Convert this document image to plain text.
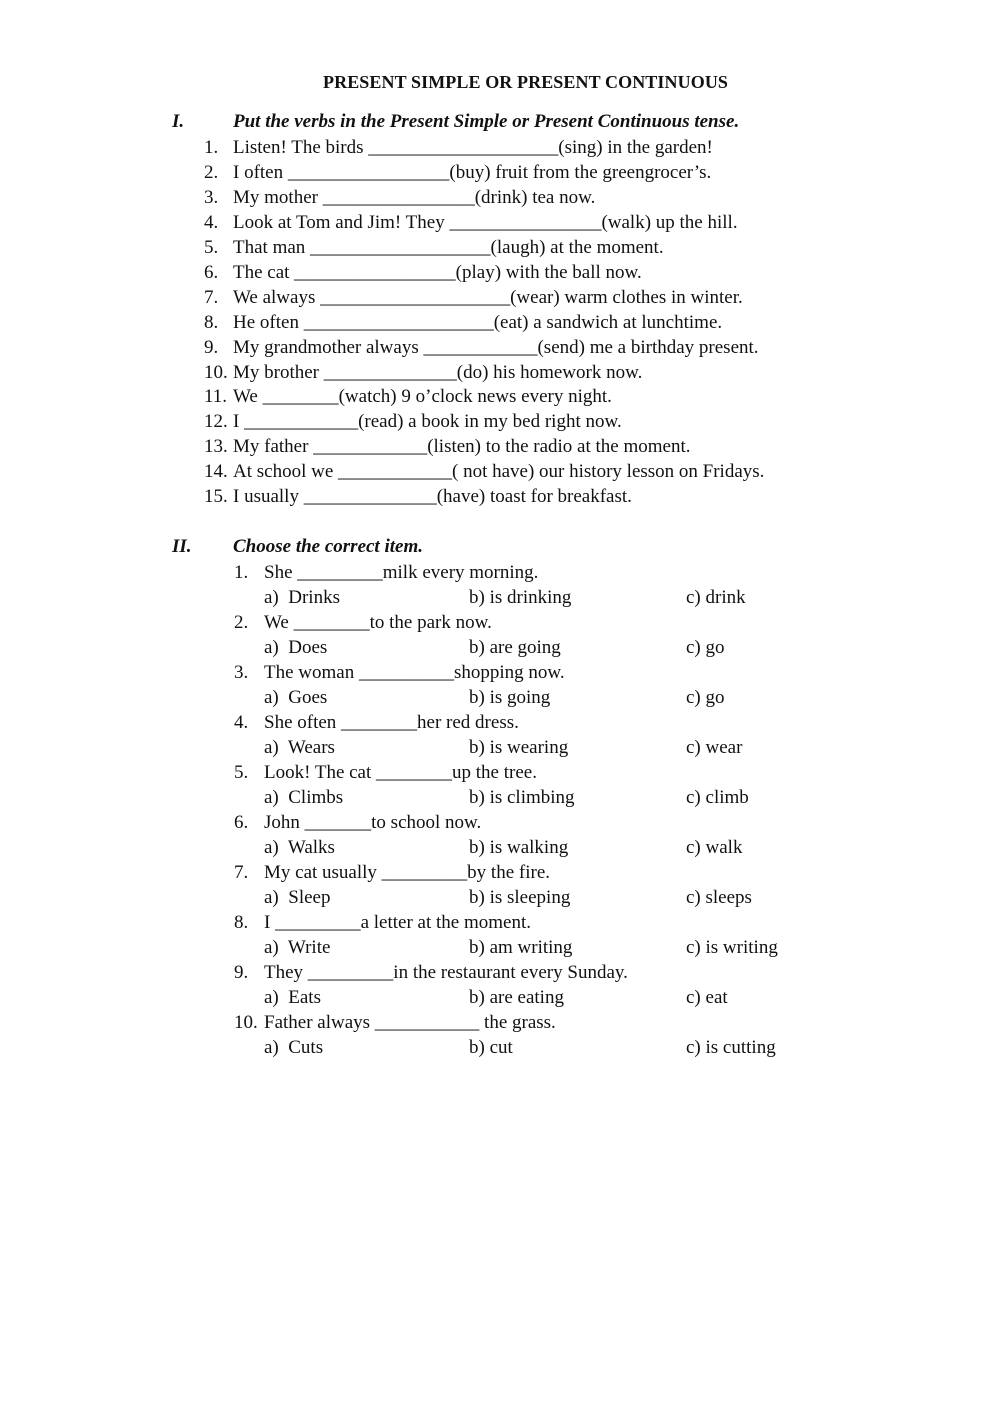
PRESENT SIMPLE OR PRESENT CONTINUOUS
I.	Put the verbs in the Present Simple or Present Continuous tense.
1. Listen! The birds ____________________(sing) in the garden!
2. I often _________________(buy) fruit from the greengrocer’s.
3. My mother ________________(drink) tea now.
4. Look at Tom and Jim! They ________________(walk) up the hill.
5. That man ___________________(laugh) at the moment.
6. The cat _________________(play) with the ball now.
7. We always ____________________(wear) warm clothes in winter.
8. He often ____________________(eat) a sandwich at lunchtime.
9. My grandmother always ____________(send) me a birthday present.
10. My brother ______________(do) his homework now.
11. We ________(watch) 9 o’clock news every night.
12. I ____________(read) a book in my bed right now.
13. My father ____________(listen) to the radio at the moment.
14. At school we ____________( not have) our history lesson on Fridays.
15. I usually ______________(have) toast for breakfast.
II. Choose the correct item.
1. She _________milk every morning.
a)  Drinks	b) is drinking	c) drink
2. We ________to the park now.
a)  Does	b) are going	c) go
3. The woman __________shopping now.
a)  Goes	b) is going	c) go
4. She often ________her red dress.
a)  Wears	b) is wearing	c) wear
5. Look! The cat ________up the tree.
a)  Climbs	b) is climbing	c) climb
6. John _______to school now.
a)  Walks	b) is walking	c) walk
7. My cat usually _________by the fire.
a)  Sleep	b) is sleeping	c) sleeps
8. I _________a letter at the moment.
a)  Write	b) am writing	c) is writing
9. They _________in the restaurant every Sunday.
a)  Eats	b) are eating	c) eat
10. Father always ___________ the grass.
a)  Cuts	b) cut	c) is cutting
